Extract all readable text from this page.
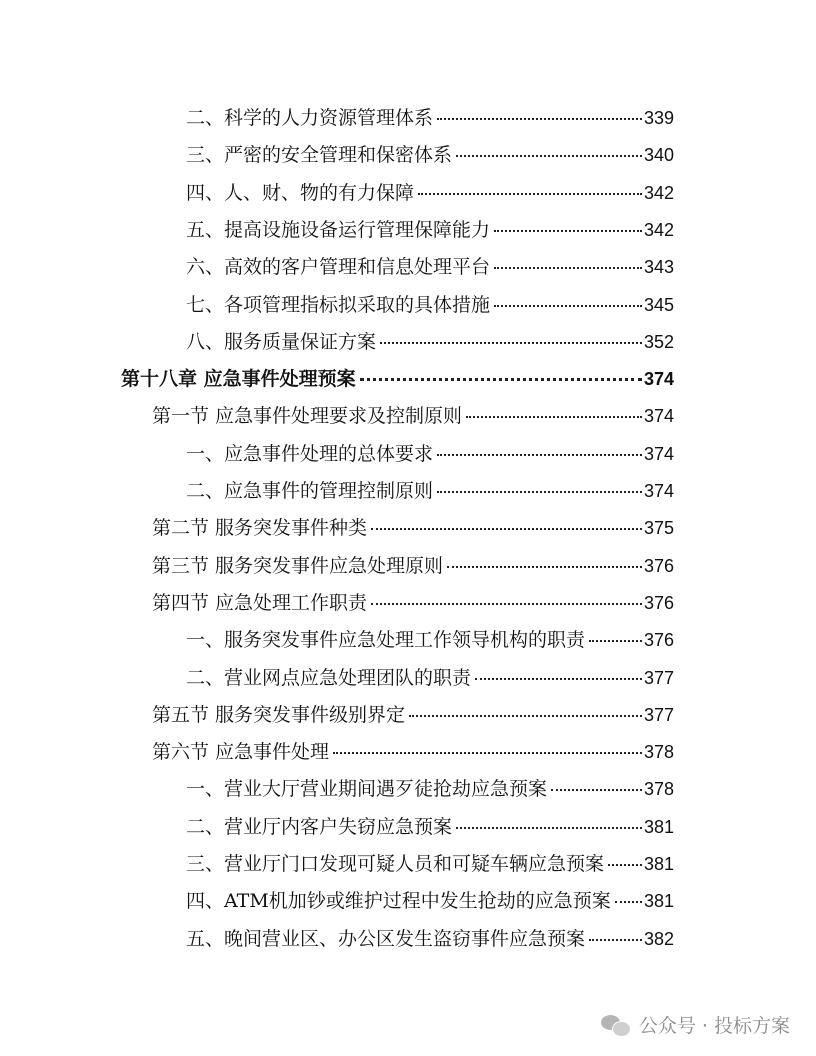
二、科学的人力资源管理体系	339
三、严密的安全管理和保密体系	340
四、人、财、物的有力保障	342
五、提高设施设备运行管理保障能力	342
六、高效的客户管理和信息处理平台	343
七、各项管理指标拟采取的具体措施	345
八、服务质量保证方案	352
第十八章 应急事件处理预案	374
第一节 应急事件处理要求及控制原则	374
一、应急事件处理的总体要求	374
二、应急事件的管理控制原则	374
第二节 服务突发事件种类	375
第三节 服务突发事件应急处理原则	376
第四节 应急处理工作职责	376
一、服务突发事件应急处理工作领导机构的职责	376
二、营业网点应急处理团队的职责	377
第五节 服务突发事件级别界定	377
第六节 应急事件处理	378
一、营业大厅营业期间遇歹徒抢劫应急预案	378
二、营业厅内客户失窃应急预案	381
三、营业厅门口发现可疑人员和可疑车辆应急预案 381
四、ATM机加钞或维护过程中发生抢劫的应急预案 381
五、晚间营业区、办公区发生盗窃事件应急预案	382
公众号 · 投标方案
